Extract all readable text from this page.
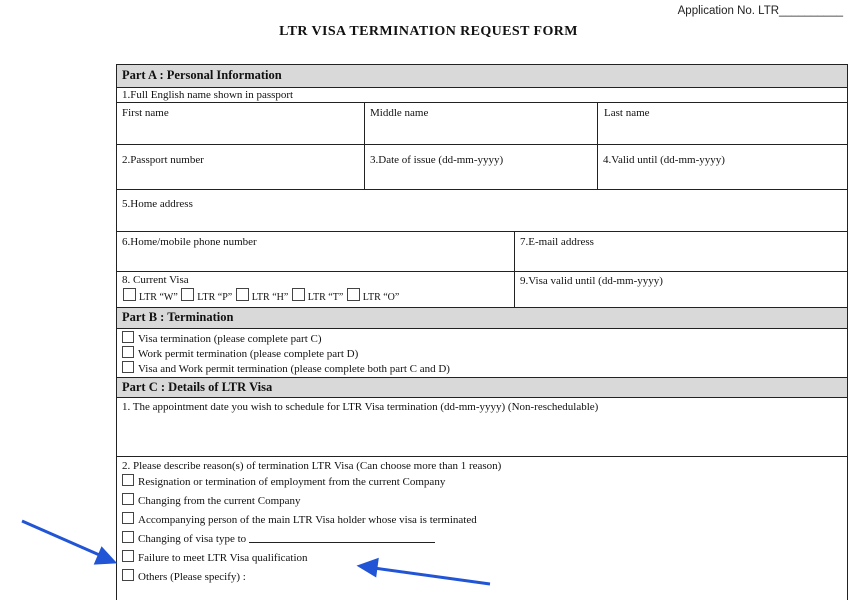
Application No. LTR__________
LTR VISA TERMINATION REQUEST FORM
Part A : Personal Information
1.Full English name shown in passport
First name	Middle name	Last name
2.Passport number	3.Date of issue (dd-mm-yyyy)	4.Valid until (dd-mm-yyyy)
5.Home address
6.Home/mobile phone number	7.E-mail address
8. Current Visa
LTR “W” LTR “P” LTR “H” LTR “T” LTR “O”
9.Visa valid until (dd-mm-yyyy)
Part B : Termination
Visa termination (please complete part C)
Work permit termination (please complete part D)
Visa and Work permit termination (please complete both part C and D)
Part C : Details of LTR Visa
1. The appointment date you wish to schedule for LTR Visa termination (dd-mm-yyyy) (Non-reschedulable)
2. Please describe reason(s) of termination LTR Visa (Can choose more than 1 reason)
Resignation or termination of employment from the current Company
Changing from the current Company
Accompanying person of the main LTR Visa holder whose visa is terminated
Changing of visa type to
Failure to meet LTR Visa qualification
Others (Please specify) :
